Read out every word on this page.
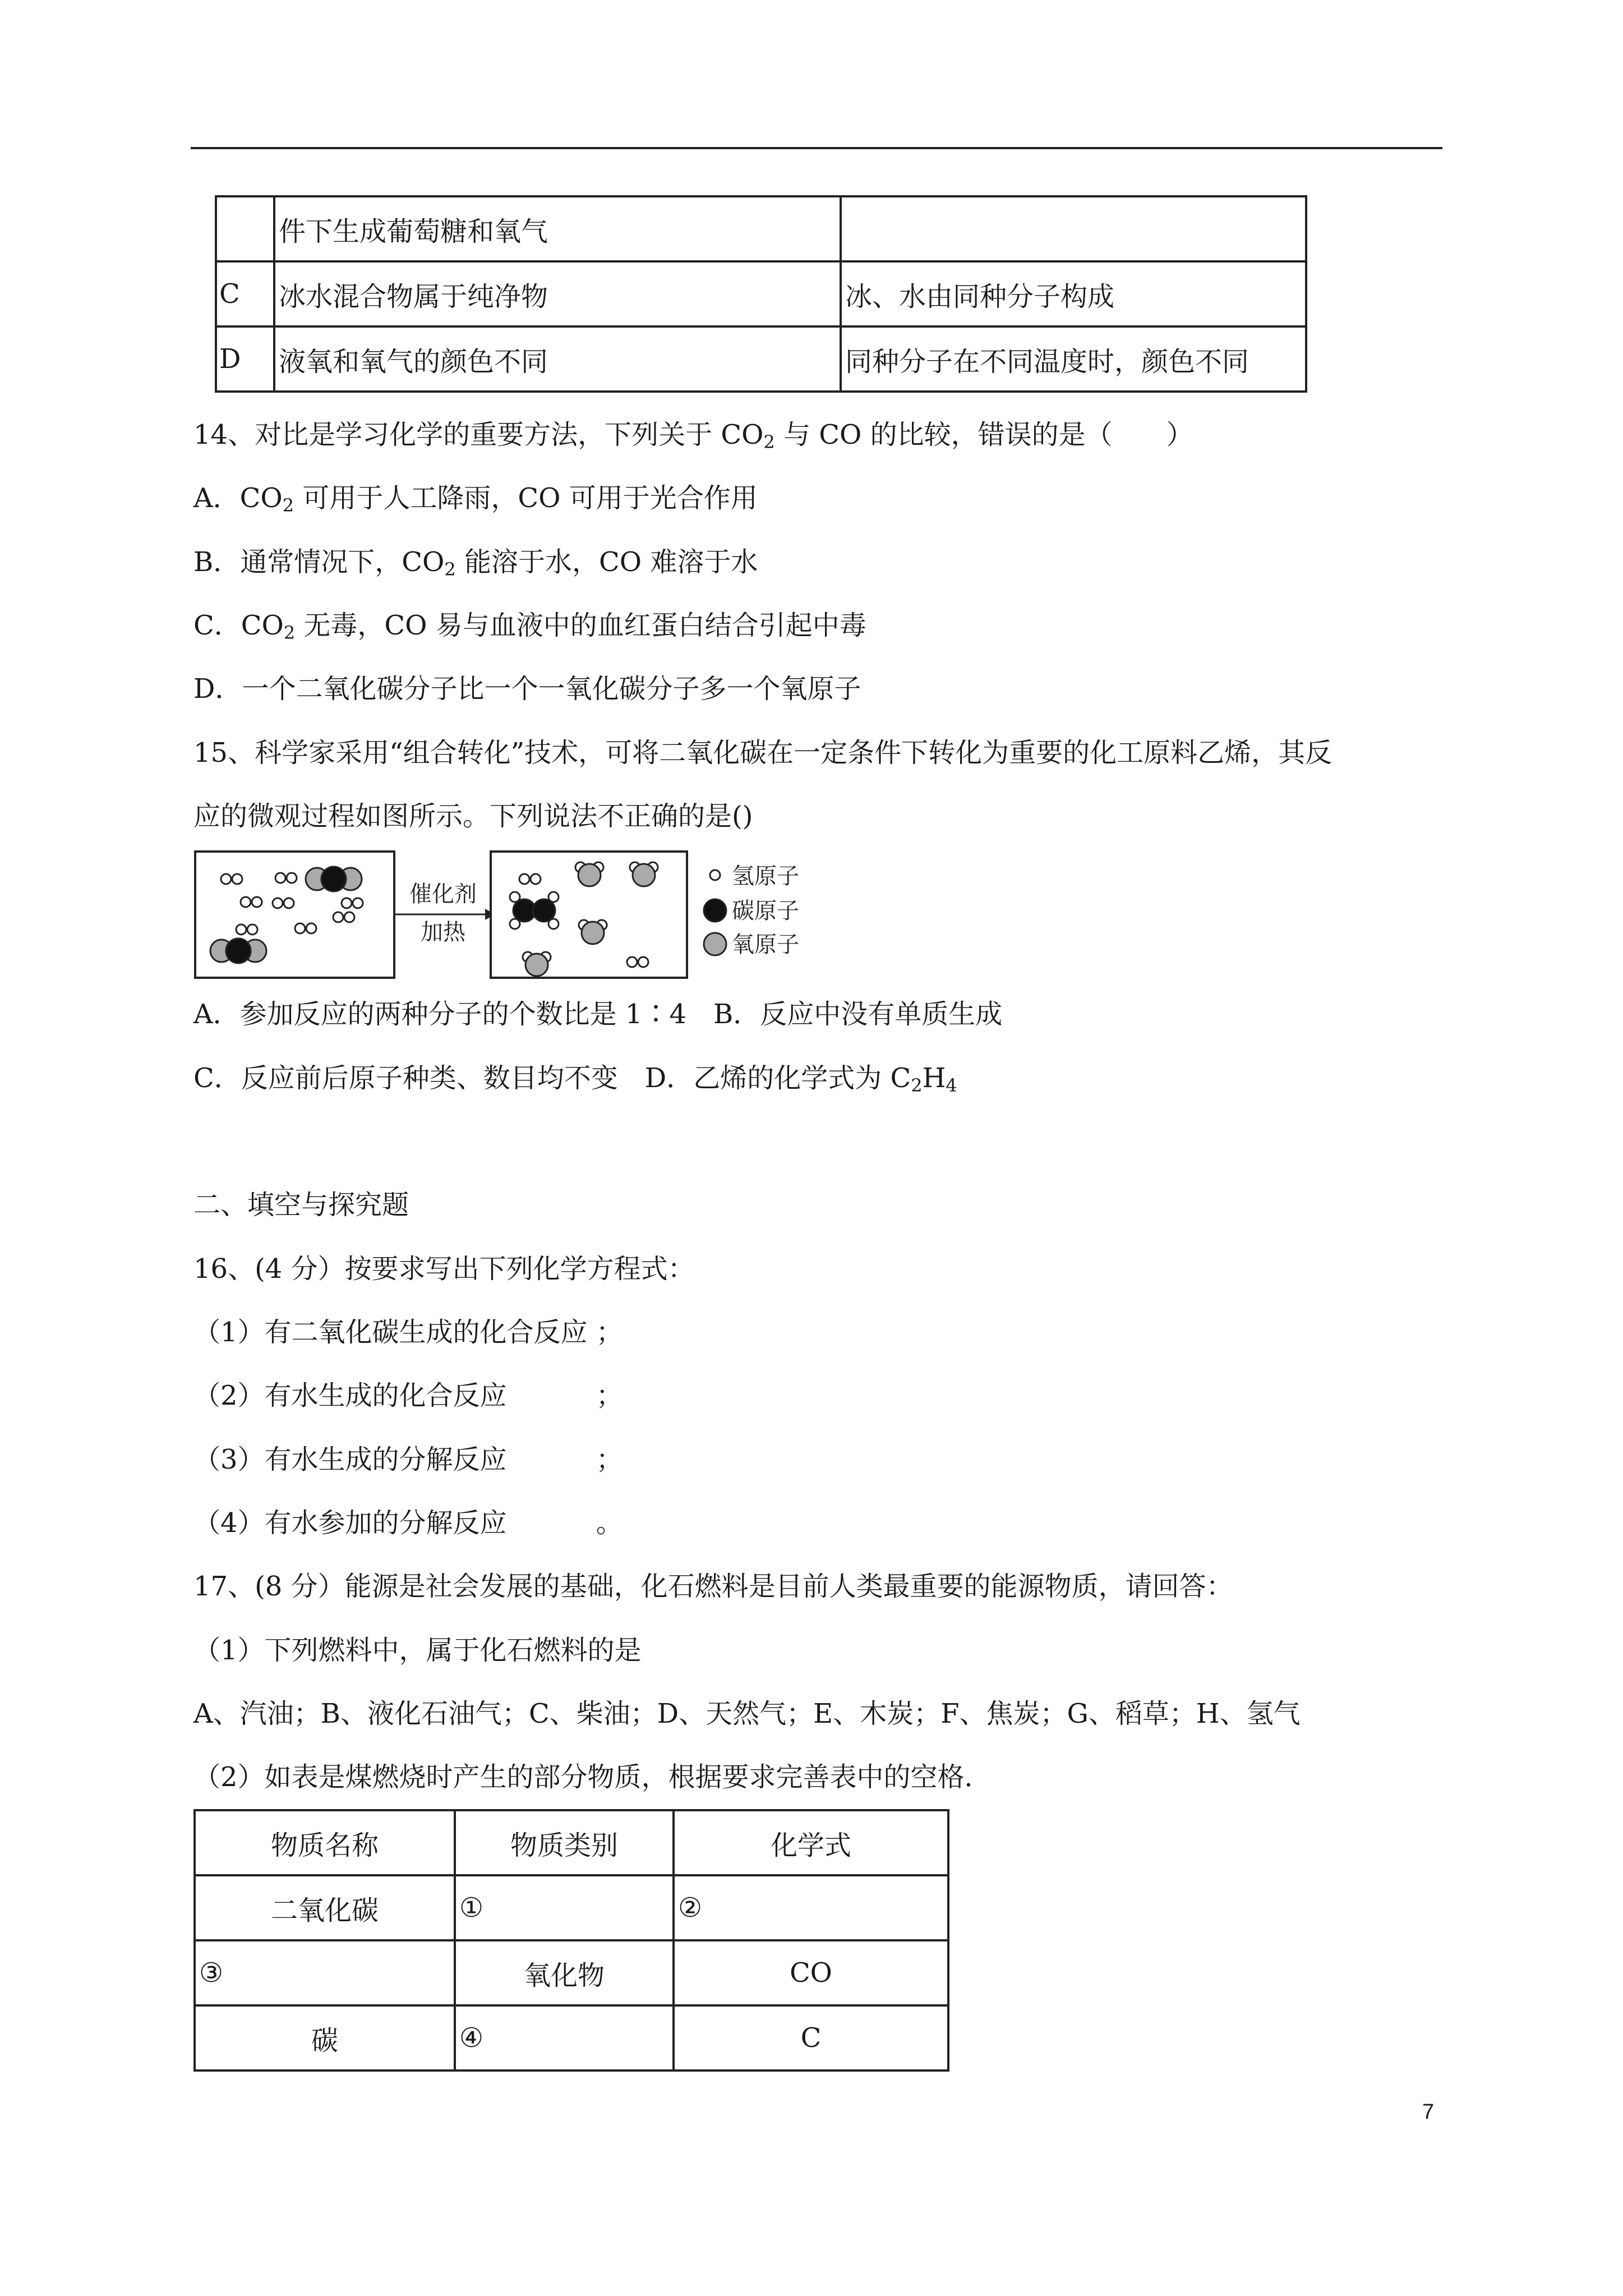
	件下生成葡萄糖和氧气	
C	冰水混合物属于纯净物	冰、水由同种分子构成
D	液氧和氧气的颜色不同	同种分子在不同温度时，颜色不同
14、对比是学习化学的重要方法，下列关于 $CO_2$ 与 CO 的比较，错误的是（　　）
A．$CO_2$ 可用于人工降雨，CO 可用于光合作用
B．通常情况下，$CO_2$ 能溶于水，CO 难溶于水
C．$CO_2$ 无毒，CO 易与血液中的血红蛋白结合引起中毒
D．一个二氧化碳分子比一个一氧化碳分子多一个氧原子
15、科学家采用“组合转化”技术，可将二氧化碳在一定条件下转化为重要的化工原料乙烯，其反
应的微观过程如图所示。下列说法不正确的是()
催化剂
加热
氢原子
碳原子
氧原子
A．参加反应的两种分子的个数比是 1∶4　B．反应中没有单质生成
C．反应前后原子种类、数目均不变　D．乙烯的化学式为 $C_2H_4$
二、填空与探究题
16、(4 分）按要求写出下列化学方程式：
（1）有二氧化碳生成的化合反应 ；
（2）有水生成的化合反应　　　 ；
（3）有水生成的分解反应　　　 ；
（4）有水参加的分解反应　　　 。
17、(8 分）能源是社会发展的基础，化石燃料是目前人类最重要的能源物质，请回答：
（1）下列燃料中，属于化石燃料的是
A、汽油；B、液化石油气；C、柴油；D、天然气；E、木炭；F、焦炭；G、稻草；H、氢气
（2）如表是煤燃烧时产生的部分物质，根据要求完善表中的空格．
物质名称	物质类别	化学式
二氧化碳	①	②
③	氧化物	CO
碳	④	C
7
